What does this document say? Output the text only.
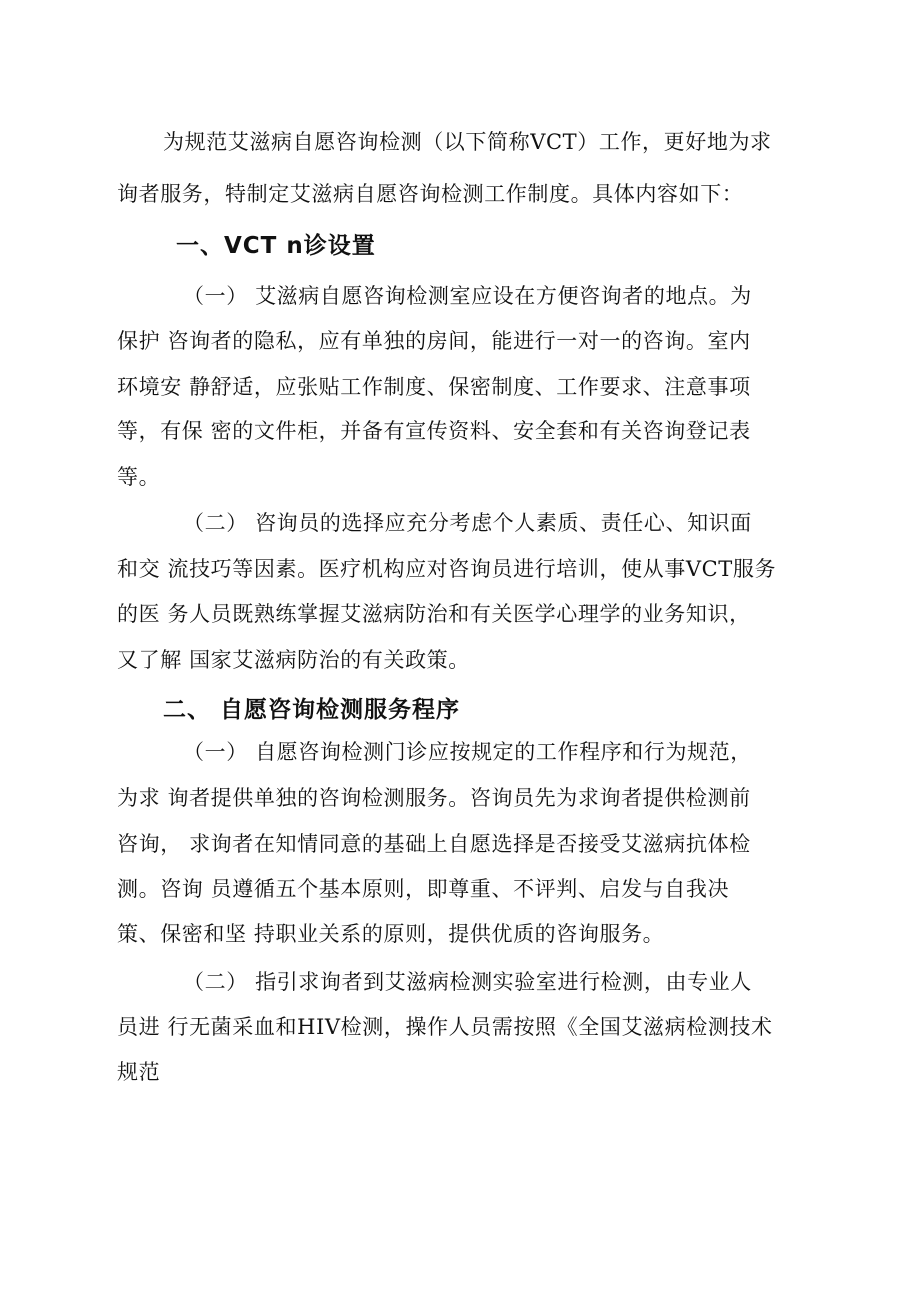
为规范艾滋病自愿咨询检测（以下简称VCT）工作，更好地为求
询者服务，特制定艾滋病自愿咨询检测工作制度。具体内容如下：
一、VCT n诊设置
（一） 艾滋病自愿咨询检测室应设在方便咨询者的地点。为
保护 咨询者的隐私，应有单独的房间，能进行一对一的咨询。室内
环境安 静舒适，应张贴工作制度、保密制度、工作要求、注意事项
等，有保 密的文件柜，并备有宣传资料、安全套和有关咨询登记表
等。
（二） 咨询员的选择应充分考虑个人素质、责任心、知识面
和交 流技巧等因素。医疗机构应对咨询员进行培训，使从事VCT服务
的医 务人员既熟练掌握艾滋病防治和有关医学心理学的业务知识，
又了解 国家艾滋病防治的有关政策。
二、 自愿咨询检测服务程序
（一） 自愿咨询检测门诊应按规定的工作程序和行为规范，
为求 询者提供单独的咨询检测服务。咨询员先为求询者提供检测前
咨询， 求询者在知情同意的基础上自愿选择是否接受艾滋病抗体检
测。咨询 员遵循五个基本原则，即尊重、不评判、启发与自我决
策、保密和坚 持职业关系的原则，提供优质的咨询服务。
（二） 指引求询者到艾滋病检测实验室进行检测，由专业人
员进 行无菌采血和HIV检测，操作人员需按照《全国艾滋病检测技术
规范
